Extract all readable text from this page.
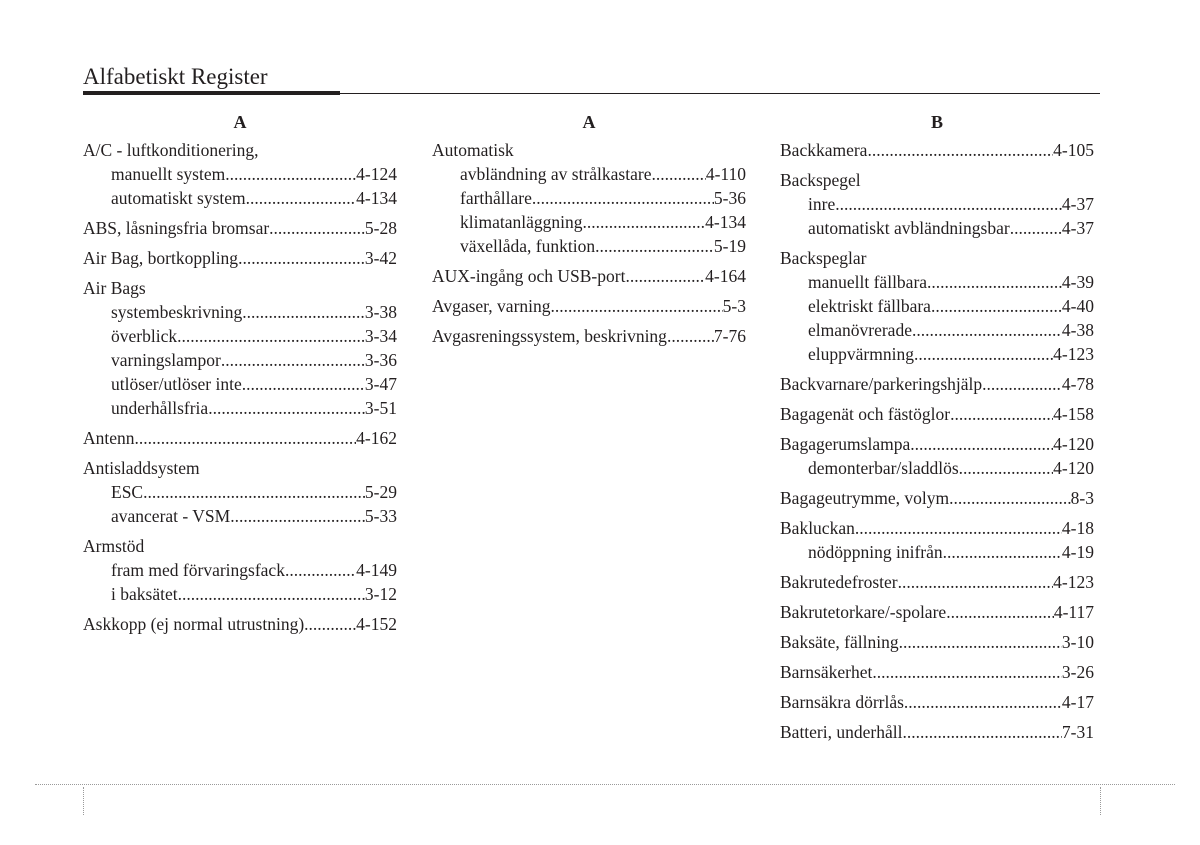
Alfabetiskt Register
A
A/C - luftkonditionering,
manuellt system .....	4-124
automatiskt system .....	4-134
ABS, låsningsfria bromsar .....	5-28
Air Bag, bortkoppling .....	3-42
Air Bags
systembeskrivning .....	3-38
överblick .....	3-34
varningslampor .....	3-36
utlöser/utlöser inte .....	3-47
underhållsfria .....	3-51
Antenn .....	4-162
Antisladdsystem
ESC .....	5-29
avancerat - VSM .....	5-33
Armstöd
fram med förvaringsfack .....	4-149
i baksätet .....	3-12
Askkopp (ej normal utrustning) .....	4-152
A
Automatisk
avbländning av strålkastare .....	4-110
farthållare .....	5-36
klimatanläggning .....	4-134
växellåda, funktion .....	5-19
AUX-ingång och USB-port .....	4-164
Avgaser, varning .....	5-3
Avgasreningssystem, beskrivning .....	7-76
B
Backkamera .....	4-105
Backspegel
inre .....	4-37
automatiskt avbländningsbar .....	4-37
Backspeglar
manuellt fällbara .....	4-39
elektriskt fällbara .....	4-40
elmanövrerade .....	4-38
eluppvärmning .....	4-123
Backvarnare/parkeringshjälp .....	4-78
Bagagenät och fästöglor .....	4-158
Bagagerumslampa .....	4-120
demonterbar/sladdlös .....	4-120
Bagageutrymme, volym .....	8-3
Bakluckan .....	4-18
nödöppning inifrån .....	4-19
Bakrutedefroster .....	4-123
Bakrutetorkare/-spolare .....	4-117
Baksäte, fällning .....	3-10
Barnsäkerhet .....	3-26
Barnsäkra dörrlås .....	4-17
Batteri, underhåll .....	7-31
